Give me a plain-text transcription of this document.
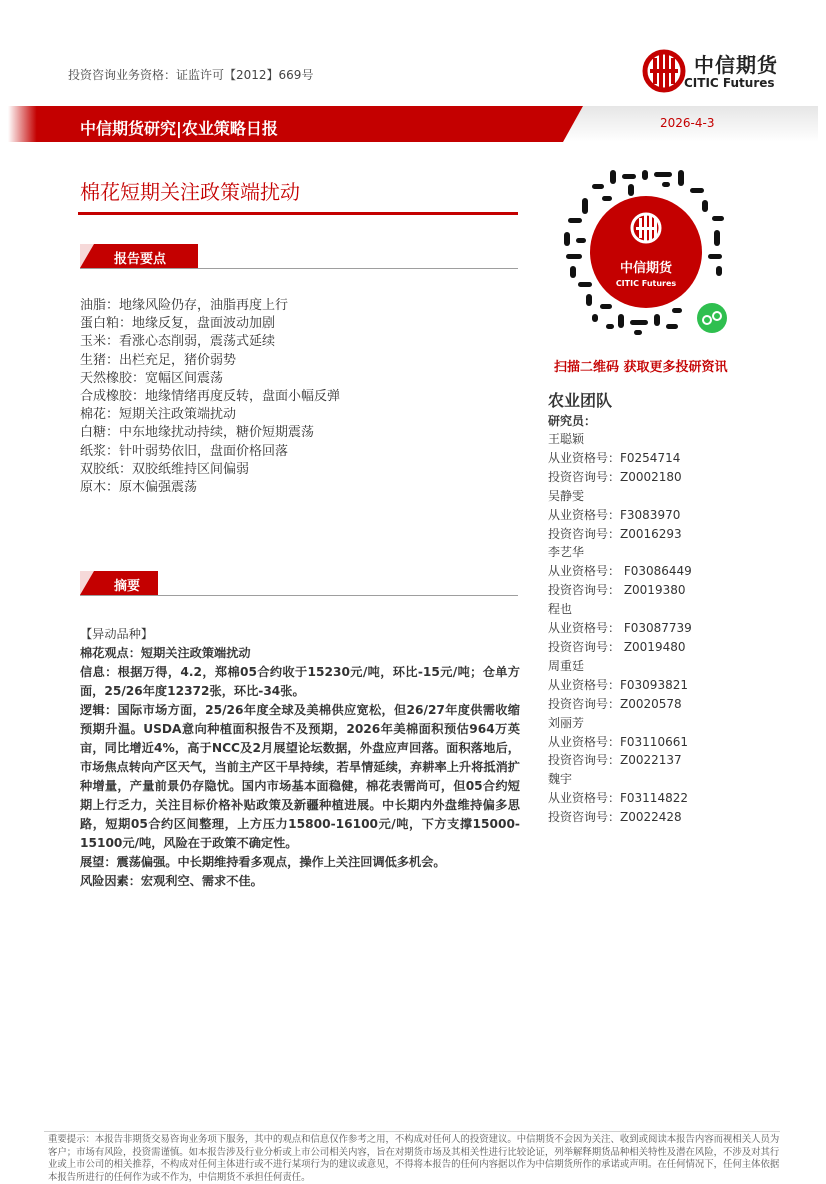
投资咨询业务资格：证监许可【2012】669号	中信期货
CITIC Futures
中信期货研究|农业策略日报	2026-4-3
棉花短期关注政策端扰动
报告要点
油脂：地缘风险仍存，油脂再度上行
蛋白粕：地缘反复，盘面波动加剧
玉米：看涨心态削弱，震荡式延续
生猪：出栏充足，猪价弱势
天然橡胶：宽幅区间震荡
合成橡胶：地缘情绪再度反转，盘面小幅反弹
棉花：短期关注政策端扰动
白糖：中东地缘扰动持续，糖价短期震荡
纸浆：针叶弱势依旧，盘面价格回落
双胶纸：双胶纸维持区间偏弱
原木：原木偏强震荡
摘要
【异动品种】
棉花观点：短期关注政策端扰动
信息：根据万得，4.2，郑棉05合约收于15230元/吨，环比-15元/吨；仓单方面，25/26年度12372张，环比-34张。
逻辑：国际市场方面，25/26年度全球及美棉供应宽松，但26/27年度供需收缩预期升温。USDA意向种植面积报告不及预期，2026年美棉面积预估964万英亩，同比增近4%，高于NCC及2月展望论坛数据，外盘应声回落。面积落地后，市场焦点转向产区天气，当前主产区干旱持续，若旱情延续，弃耕率上升将抵消扩种增量，产量前景仍存隐忧。国内市场基本面稳健，棉花表需尚可，但05合约短期上行乏力，关注目标价格补贴政策及新疆种植进展。中长期内外盘维持偏多思路，短期05合约区间整理，上方压力15800-16100元/吨，下方支撑15000-15100元/吨，风险在于政策不确定性。
展望：震荡偏强。中长期维持看多观点，操作上关注回调低多机会。
风险因素：宏观利空、需求不佳。
中信期货
CITIC Futures
扫描二维码 获取更多投研资讯
农业团队
研究员：
王聪颖
从业资格号：F0254714
投资咨询号：Z0002180
吴静雯
从业资格号：F3083970
投资咨询号：Z0016293
李艺华
从业资格号： F03086449
投资咨询号： Z0019380
程也
从业资格号： F03087739
投资咨询号： Z0019480
周重廷
从业资格号：F03093821
投资咨询号：Z0020578
刘丽芳
从业资格号：F03110661
投资咨询号：Z0022137
魏宇
从业资格号：F03114822
投资咨询号：Z0022428
重要提示：本报告非期货交易咨询业务项下服务，其中的观点和信息仅作参考之用，不构成对任何人的投资建议。中信期货不会因为关注、收到或阅读本报告内容而视相关人员为客户；市场有风险，投资需谨慎。如本报告涉及行业分析或上市公司相关内容，旨在对期货市场及其相关性进行比较论证，列举解释期货品种相关特性及潜在风险，不涉及对其行业或上市公司的相关推荐，不构成对任何主体进行或不进行某项行为的建议或意见，不得将本报告的任何内容据以作为中信期货所作的承诺或声明。在任何情况下，任何主体依据本报告所进行的任何作为或不作为，中信期货不承担任何责任。
